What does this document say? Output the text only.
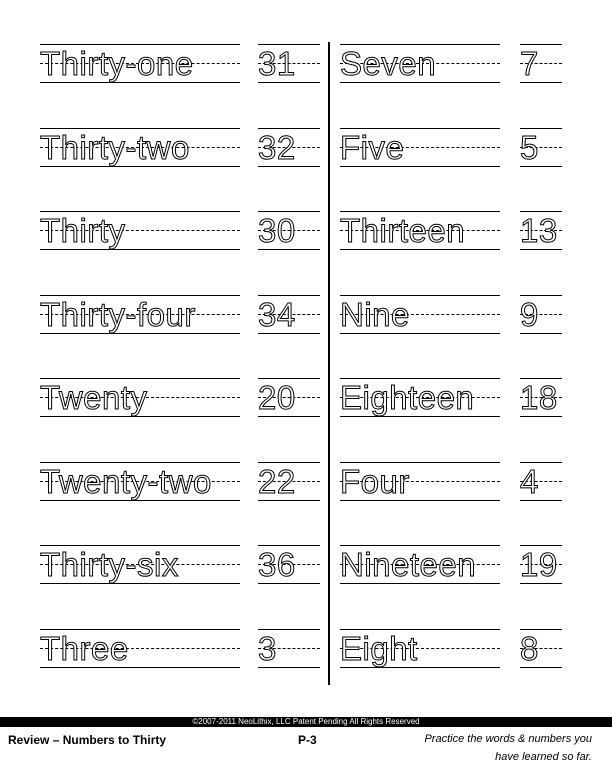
Thirty-one 31
Thirty-two 32
Thirty	30
Thirty-four 34
Twenty	20
Twenty-two 22
Thirty-six 36
Three	3
Seven	7
Five	5
Thirteen 13
Nine	9
Eighteen 18
Four	4
Nineteen 19
Eight	8
©2007-2011 NeoLithix, LLC Patent Pending All Rights Reserved
Review – Numbers to Thirty	P-3	Practice the words & numbers you
have learned so far.
